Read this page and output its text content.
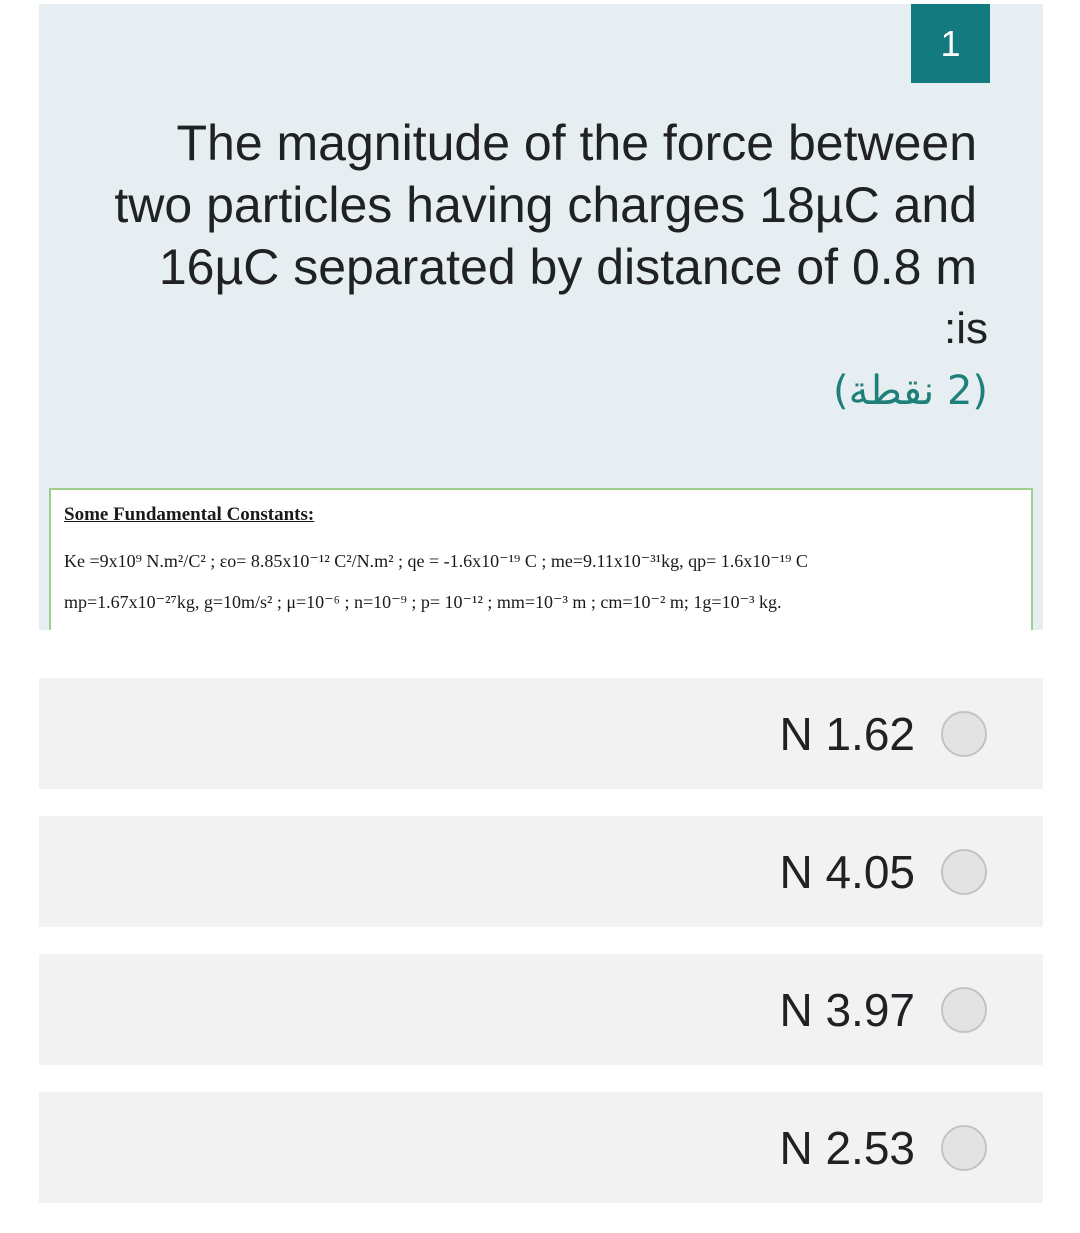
1
The magnitude of the force between two particles having charges 18µC and 16µC separated by distance of 0.8 m
:is
(2 نقطة)
Some Fundamental Constants:
Ke =9x10⁹ N.m²/C² ; εo= 8.85x10⁻¹² C²/N.m² ; qe = -1.6x10⁻¹⁹ C ; me=9.11x10⁻³¹kg, qp= 1.6x10⁻¹⁹ C
mp=1.67x10⁻²⁷kg, g=10m/s² ; μ=10⁻⁶ ; n=10⁻⁹ ; p= 10⁻¹² ; mm=10⁻³ m ; cm=10⁻² m; 1g=10⁻³ kg.
N 1.62
N 4.05
N 3.97
N 2.53
